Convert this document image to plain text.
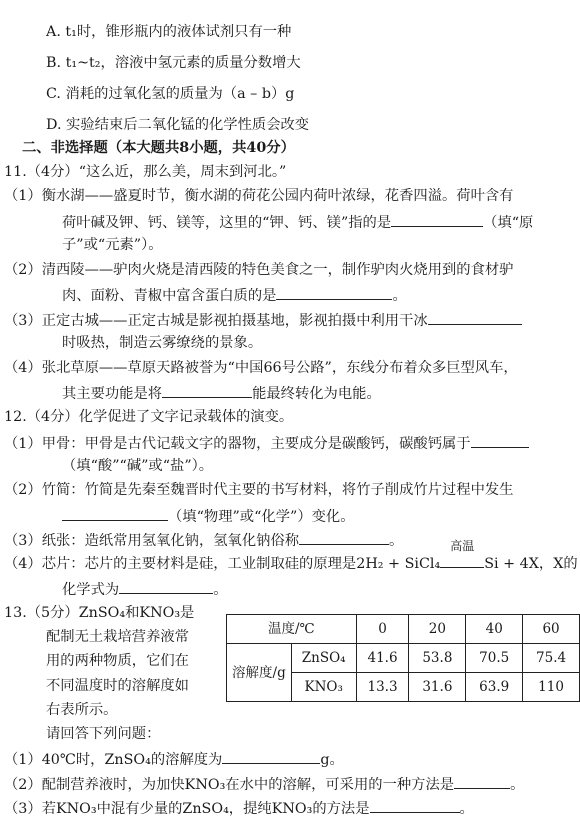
A. t₁时，锥形瓶内的液体试剂只有一种
B. t₁~t₂，溶液中氢元素的质量分数增大
C. 消耗的过氧化氢的质量为（a – b）g
D. 实验结束后二氧化锰的化学性质会改变
二、非选择题（本大题共8小题，共40分）
11.（4分）“这么近，那么美，周末到河北。”
（1）衡水湖——盛夏时节，衡水湖的荷花公园内荷叶浓绿，花香四溢。荷叶含有
荷叶碱及钾、钙、镁等，这里的“钾、钙、镁”指的是	（填“原
子”或“元素”）。
（2）清西陵——驴肉火烧是清西陵的特色美食之一，制作驴肉火烧用到的食材驴
肉、面粉、青椒中富含蛋白质的是	。
（3）正定古城——正定古城是影视拍摄基地，影视拍摄中利用干冰
时吸热，制造云雾缭绕的景象。
（4）张北草原——草原天路被誉为“中国66号公路”，东线分布着众多巨型风车，
其主要功能是将	能最终转化为电能。
12.（4分）化学促进了文字记录载体的演变。
（1）甲骨：甲骨是古代记载文字的器物，主要成分是碳酸钙，碳酸钙属于
（填“酸”“碱”或“盐”）。
（2）竹简：竹简是先秦至魏晋时代主要的书写材料，将竹子削成竹片过程中发生
（填“物理”或“化学”）变化。
（3）纸张：造纸常用氢氧化钠，氢氧化钠俗称	。
（4）芯片：芯片的主要材料是硅，工业制取硅的原理是2H₂ + SiCl₄
高温
Si + 4X，X的
化学式为	。
13.（5分）ZnSO₄和KNO₃是
配制无土栽培营养液常
用的两种物质，它们在
不同温度时的溶解度如
右表所示。
请回答下列问题：
温度/℃		0	20	40	60
溶解度/g	ZnSO₄	41.6	53.8	70.5	75.4
	KNO₃	13.3	31.6	63.9	110
（1）40℃时，ZnSO₄的溶解度为	g。
（2）配制营养液时，为加快KNO₃在水中的溶解，可采用的一种方法是	。
（3）若KNO₃中混有少量的ZnSO₄，提纯KNO₃的方法是	。
